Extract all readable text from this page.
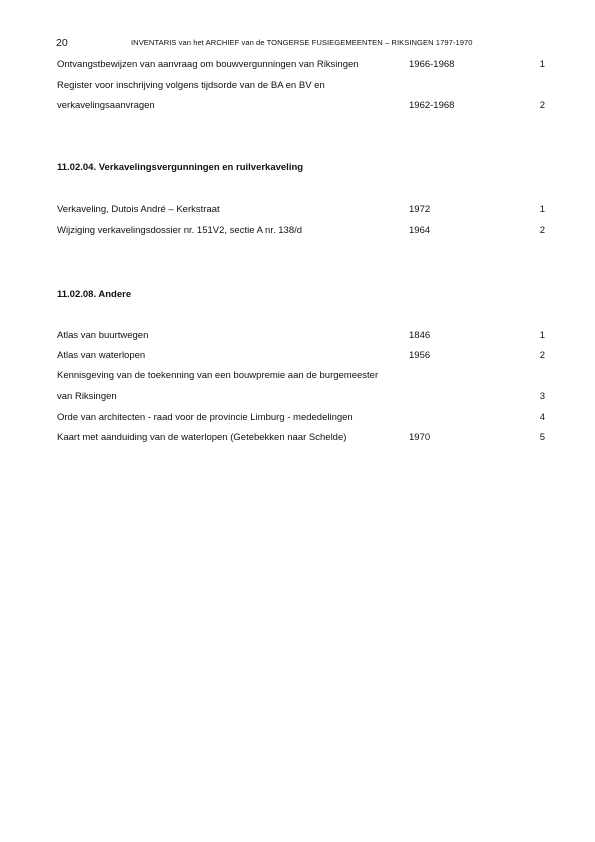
20	INVENTARIS van het ARCHIEF van de TONGERSE FUSIEGEMEENTEN – RIKSINGEN 1797-1970
Ontvangstbewijzen van aanvraag om bouwvergunningen van Riksingen	1966-1968	1
Register voor inschrijving volgens tijdsorde van de BA en BV en
verkavelingsaanvragen	1962-1968	2
11.02.04. Verkavelingsvergunningen en ruilverkaveling
Verkaveling, Dutois André – Kerkstraat	1972	1
Wijziging verkavelingsdossier nr. 151V2, sectie A nr. 138/d	1964	2
11.02.08. Andere
Atlas van buurtwegen	1846	1
Atlas van waterlopen	1956	2
Kennisgeving van de toekenning van een bouwpremie aan de burgemeester
van Riksingen	3
Orde van architecten - raad voor de provincie Limburg - mededelingen	4
Kaart met aanduiding van de waterlopen (Getebekken naar Schelde)	1970	5
